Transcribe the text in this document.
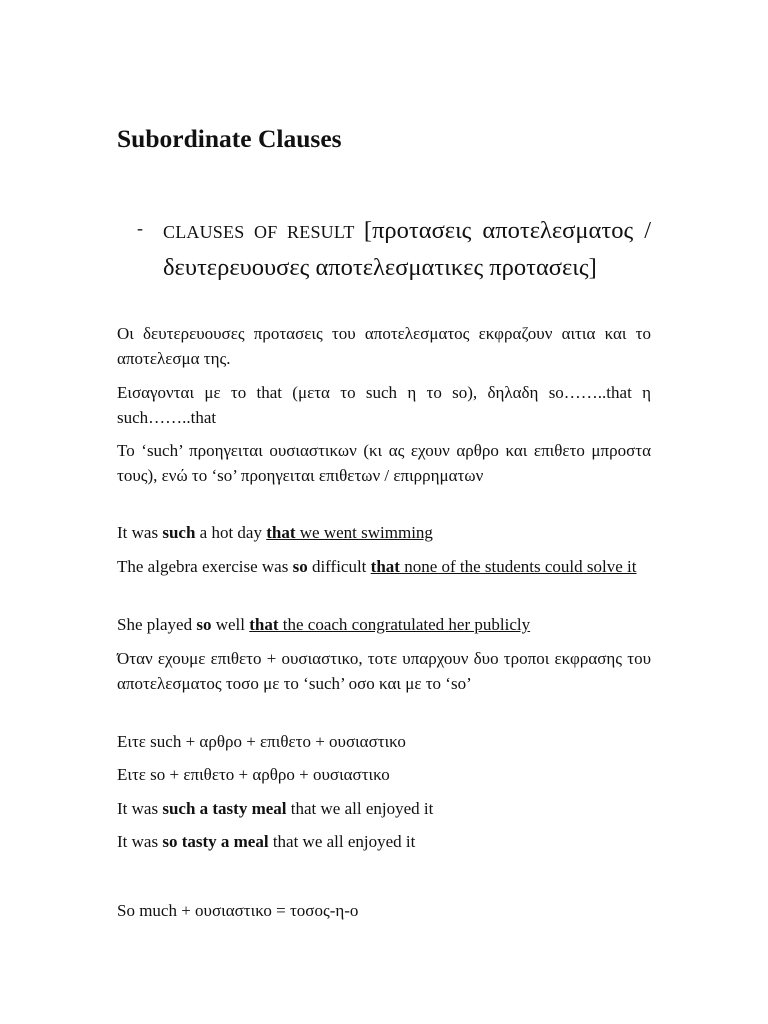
Subordinate Clauses
- CLAUSES OF RESULT [προτασεις αποτελεσματος / δευτερευουσες αποτελεσματικες προτασεις]

Οι δευτερευουσες προτασεις του αποτελεσματος εκφραζουν αιτια και το αποτελεσμα της.

Εισαγονται με το that (μετα το such η το so), δηλαδη so……..that η such……..that

Το ‘such’ προηγειται ουσιαστικων (κι ας εχουν αρθρο και επιθετο μπροστα τους), ενώ το ‘so’ προηγειται επιθετων / επιρρηματων

It was such a hot day that we went swimming

The algebra exercise was so difficult that none of the students could solve it

She played so well that the coach congratulated her publicly

Όταν εχουμε επιθετο + ουσιαστικο, τοτε υπαρχουν δυο τροποι εκφρασης του αποτελεσματος τοσο με το ‘such’ οσο και με το ‘so’

Ειτε such + αρθρο + επιθετο + ουσιαστικο

Ειτε so + επιθετο + αρθρο + ουσιαστικο

It was such a tasty meal that we all enjoyed it

It was so tasty a meal that we all enjoyed it

So much + ουσιαστικο = τοσος-η-ο
